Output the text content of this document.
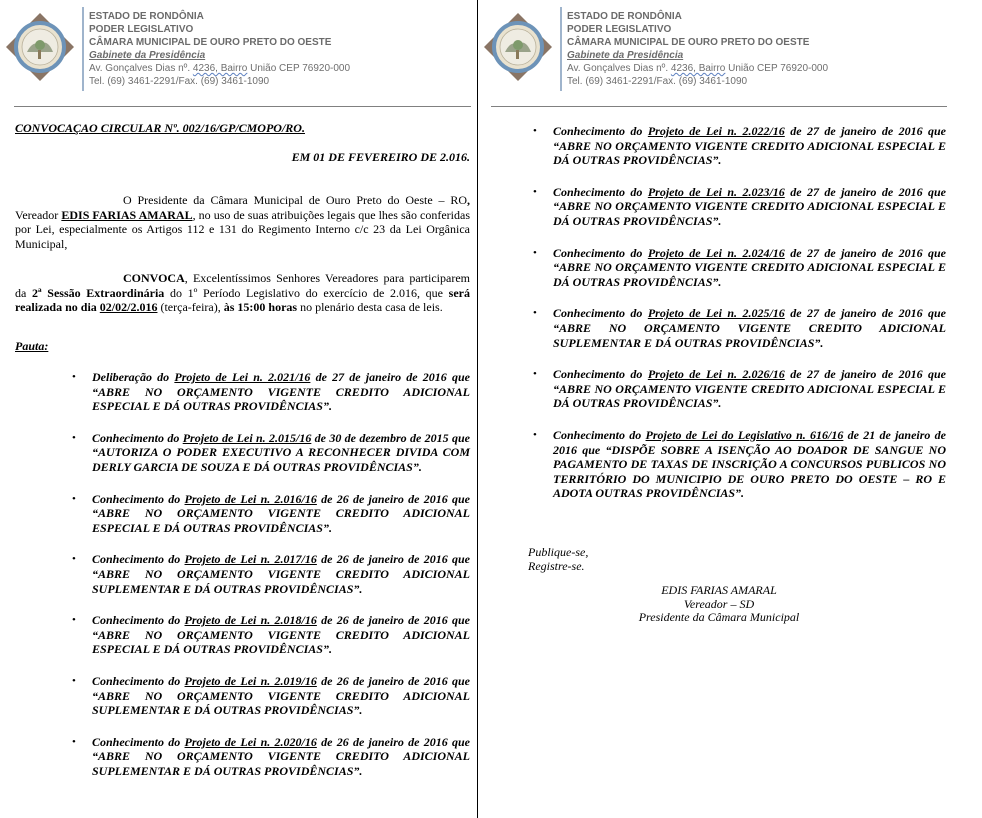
ESTADO DE RONDÔNIA
PODER LEGISLATIVO
CÂMARA MUNICIPAL DE OURO PRETO DO OESTE
Gabinete da Presidência
Av. Gonçalves Dias nº. 4236, Bairro União CEP 76920-000
Tel. (69) 3461-2291/Fax. (69) 3461-1090
CONVOCAÇAO CIRCULAR Nº. 002/16/GP/CMOPO/RO.
EM 01 DE FEVEREIRO DE 2.016.
O Presidente da Câmara Municipal de Ouro Preto do Oeste – RO, Vereador EDIS FARIAS AMARAL, no uso de suas atribuições legais que lhes são conferidas por Lei, especialmente os Artigos 112 e 131 do Regimento Interno c/c 23 da Lei Orgânica Municipal,
CONVOCA, Excelentíssimos Senhores Vereadores para participarem da 2ª Sessão Extraordinária do 1º Período Legislativo do exercício de 2.016, que será realizada no dia 02/02/2.016 (terça-feira), às 15:00 horas no plenário desta casa de leis.
Pauta:
• Deliberação do Projeto de Lei n. 2.021/16 de 27 de janeiro de 2016 que “ABRE NO ORÇAMENTO VIGENTE CREDITO ADICIONAL ESPECIAL E DÁ OUTRAS PROVIDÊNCIAS”.
• Conhecimento do Projeto de Lei n. 2.015/16 de 30 de dezembro de 2015 que “AUTORIZA O PODER EXECUTIVO A RECONHECER DIVIDA COM DERLY GARCIA DE SOUZA E DÁ OUTRAS PROVIDÊNCIAS”.
• Conhecimento do Projeto de Lei n. 2.016/16 de 26 de janeiro de 2016 que “ABRE NO ORÇAMENTO VIGENTE CREDITO ADICIONAL ESPECIAL E DÁ OUTRAS PROVIDÊNCIAS”.
• Conhecimento do Projeto de Lei n. 2.017/16 de 26 de janeiro de 2016 que “ABRE NO ORÇAMENTO VIGENTE CREDITO ADICIONAL SUPLEMENTAR E DÁ OUTRAS PROVIDÊNCIAS”.
• Conhecimento do Projeto de Lei n. 2.018/16 de 26 de janeiro de 2016 que “ABRE NO ORÇAMENTO VIGENTE CREDITO ADICIONAL ESPECIAL E DÁ OUTRAS PROVIDÊNCIAS”.
• Conhecimento do Projeto de Lei n. 2.019/16 de 26 de janeiro de 2016 que “ABRE NO ORÇAMENTO VIGENTE CREDITO ADICIONAL SUPLEMENTAR E DÁ OUTRAS PROVIDÊNCIAS”.
• Conhecimento do Projeto de Lei n. 2.020/16 de 26 de janeiro de 2016 que “ABRE NO ORÇAMENTO VIGENTE CREDITO ADICIONAL SUPLEMENTAR E DÁ OUTRAS PROVIDÊNCIAS”.
ESTADO DE RONDÔNIA
PODER LEGISLATIVO
CÂMARA MUNICIPAL DE OURO PRETO DO OESTE
Gabinete da Presidência
Av. Gonçalves Dias nº. 4236, Bairro União CEP 76920-000
Tel. (69) 3461-2291/Fax. (69) 3461-1090
• Conhecimento do Projeto de Lei n. 2.022/16 de 27 de janeiro de 2016 que “ABRE NO ORÇAMENTO VIGENTE CREDITO ADICIONAL ESPECIAL E DÁ OUTRAS PROVIDÊNCIAS”.
• Conhecimento do Projeto de Lei n. 2.023/16 de 27 de janeiro de 2016 que “ABRE NO ORÇAMENTO VIGENTE CREDITO ADICIONAL ESPECIAL E DÁ OUTRAS PROVIDÊNCIAS”.
• Conhecimento do Projeto de Lei n. 2.024/16 de 27 de janeiro de 2016 que “ABRE NO ORÇAMENTO VIGENTE CREDITO ADICIONAL ESPECIAL E DÁ OUTRAS PROVIDÊNCIAS”.
• Conhecimento do Projeto de Lei n. 2.025/16 de 27 de janeiro de 2016 que “ABRE NO ORÇAMENTO VIGENTE CREDITO ADICIONAL SUPLEMENTAR E DÁ OUTRAS PROVIDÊNCIAS”.
• Conhecimento do Projeto de Lei n. 2.026/16 de 27 de janeiro de 2016 que “ABRE NO ORÇAMENTO VIGENTE CREDITO ADICIONAL ESPECIAL E DÁ OUTRAS PROVIDÊNCIAS”.
• Conhecimento do Projeto de Lei do Legislativo n. 616/16 de 21 de janeiro de 2016 que “DISPÕE SOBRE A ISENÇÃO AO DOADOR DE SANGUE NO PAGAMENTO DE TAXAS DE INSCRIÇÃO A CONCURSOS PUBLICOS NO TERRITÓRIO DO MUNICIPIO DE OURO PRETO DO OESTE – RO E ADOTA OUTRAS PROVIDÊNCIAS”.
Publique-se,
Registre-se.
EDIS FARIAS AMARAL
Vereador – SD
Presidente da Câmara Municipal
